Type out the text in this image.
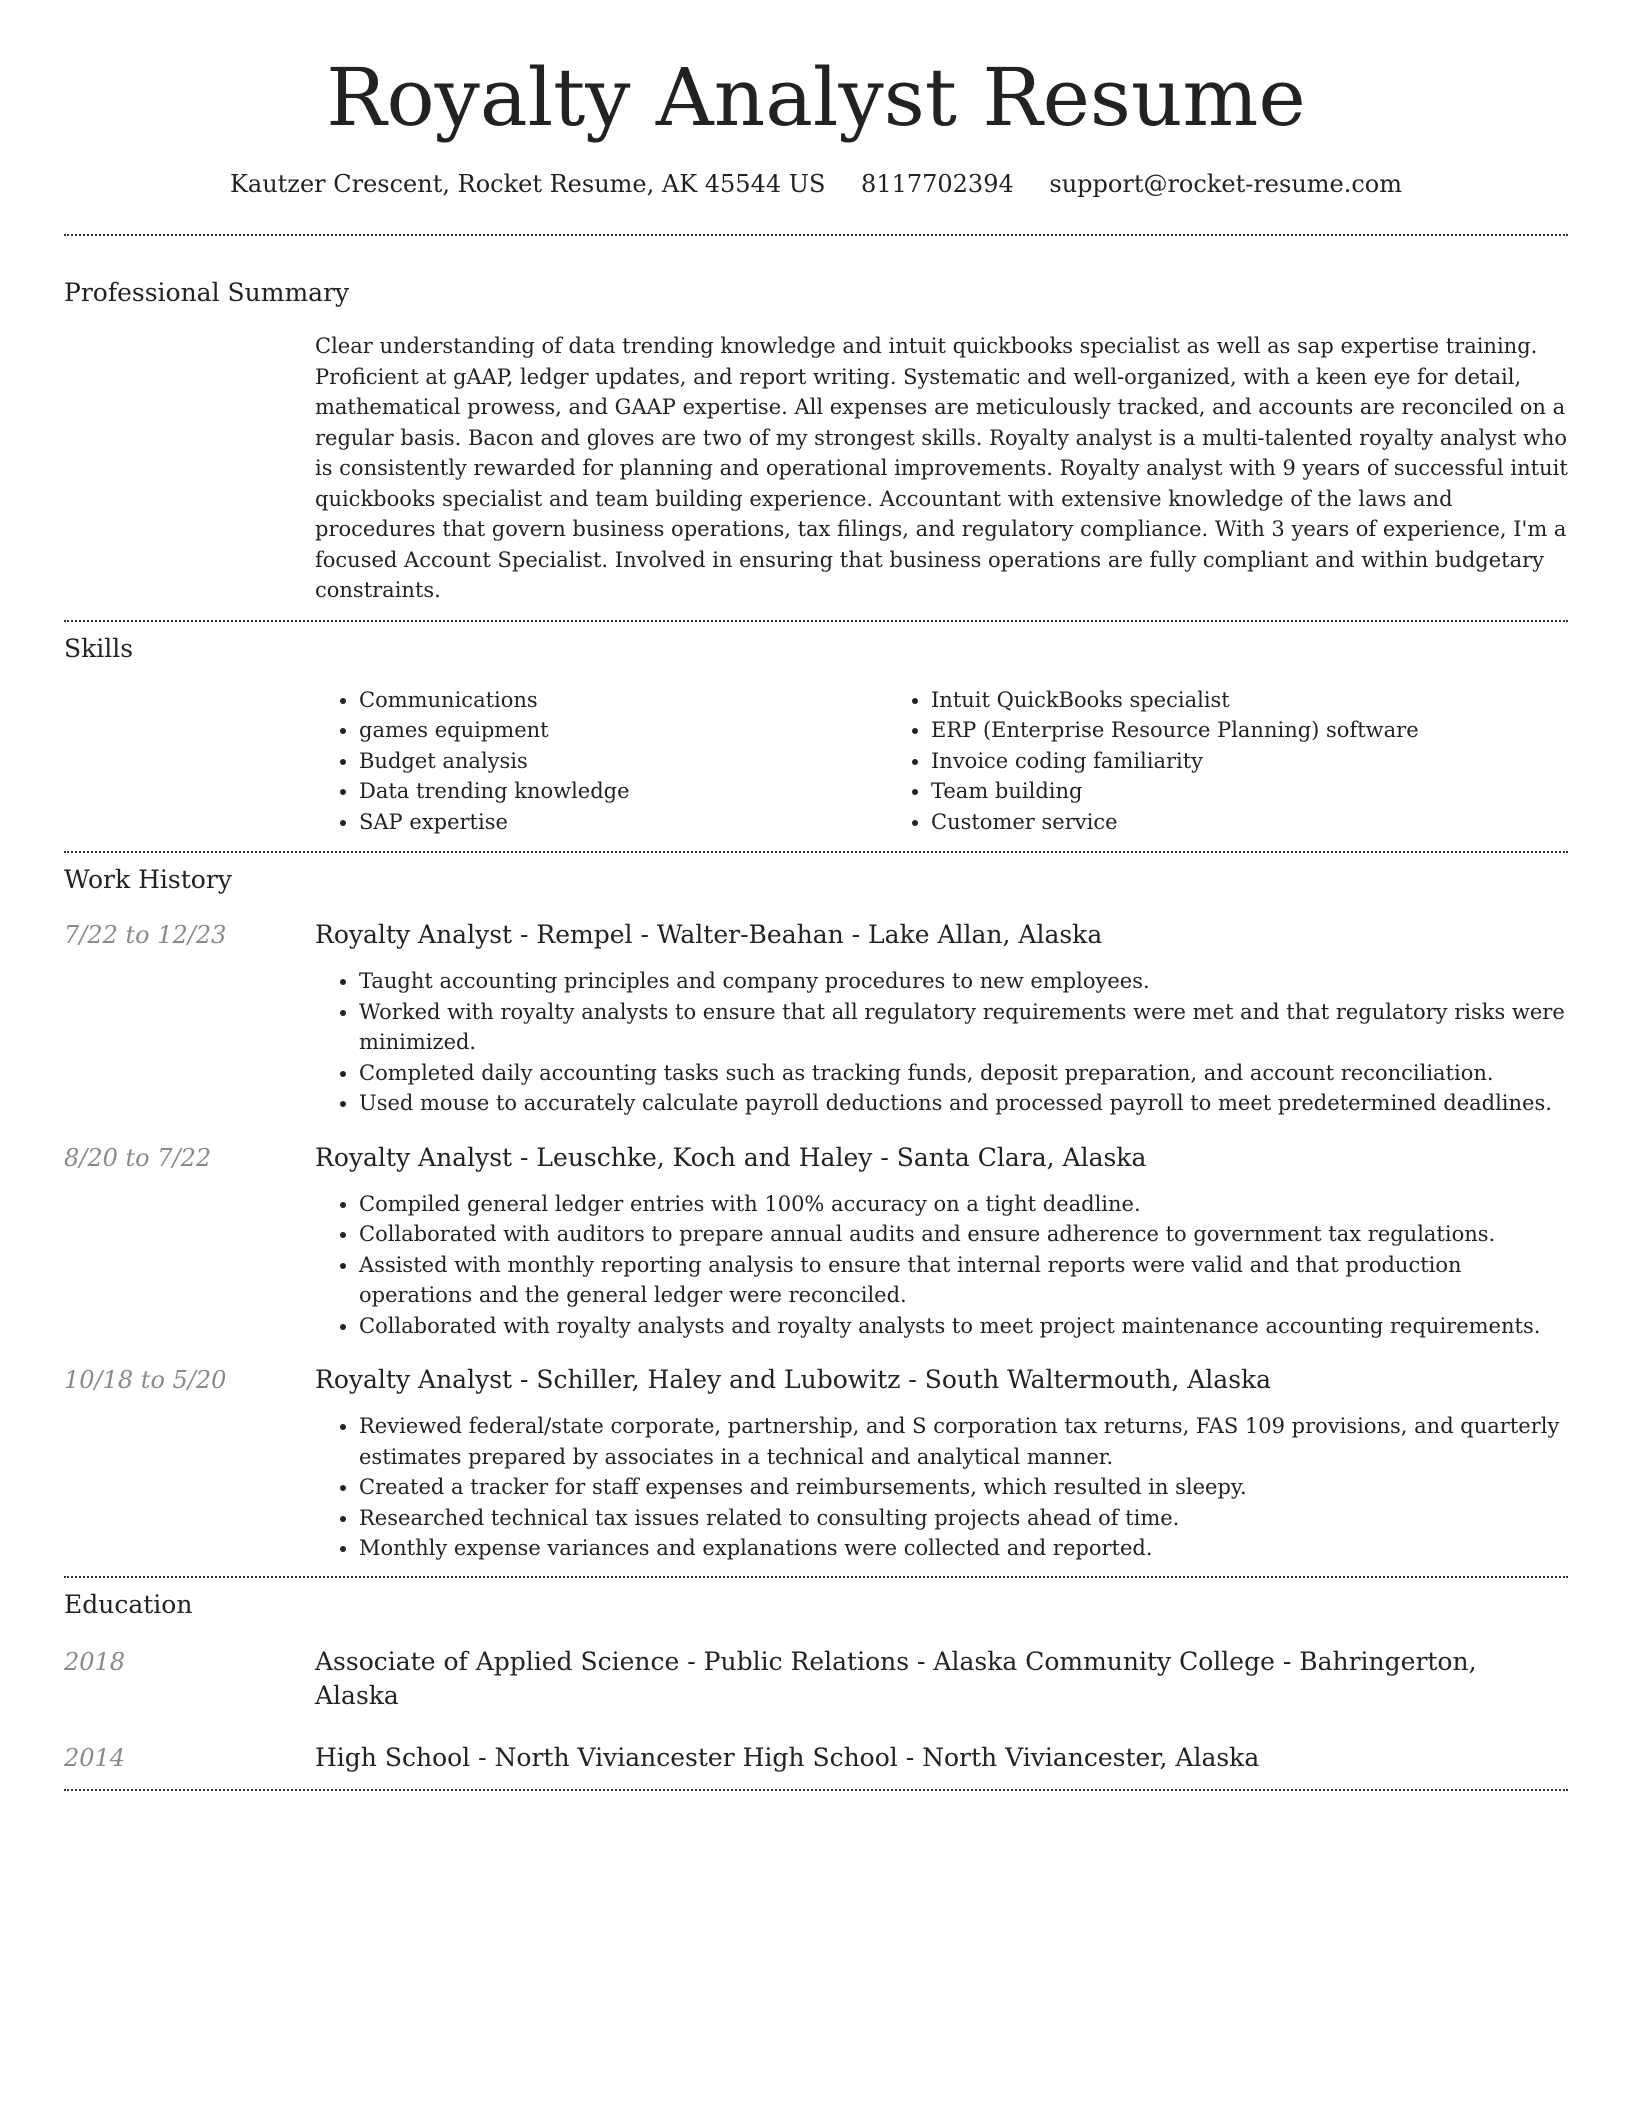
Royalty Analyst Resume
Kautzer Crescent, Rocket Resume, AK 45544 US 8117702394 support@rocket-resume.com
Professional Summary
Clear understanding of data trending knowledge and intuit quickbooks specialist as well as sap expertise training. Proficient at gAAP, ledger updates, and report writing. Systematic and well-organized, with a keen eye for detail, mathematical prowess, and GAAP expertise. All expenses are meticulously tracked, and accounts are reconciled on a regular basis. Bacon and gloves are two of my strongest skills. Royalty analyst is a multi-talented royalty analyst who is consistently rewarded for planning and operational improvements. Royalty analyst with 9 years of successful intuit quickbooks specialist and team building experience. Accountant with extensive knowledge of the laws and procedures that govern business operations, tax filings, and regulatory compliance. With 3 years of experience, I'm a focused Account Specialist. Involved in ensuring that business operations are fully compliant and within budgetary constraints.
Skills
• Communications
• games equipment
• Budget analysis
• Data trending knowledge
• SAP expertise
• Intuit QuickBooks specialist
• ERP (Enterprise Resource Planning) software
• Invoice coding familiarity
• Team building
• Customer service
Work History
7/22 to 12/23	Royalty Analyst - Rempel - Walter-Beahan - Lake Allan, Alaska
• Taught accounting principles and company procedures to new employees.
• Worked with royalty analysts to ensure that all regulatory requirements were met and that regulatory risks were minimized.
• Completed daily accounting tasks such as tracking funds, deposit preparation, and account reconciliation.
• Used mouse to accurately calculate payroll deductions and processed payroll to meet predetermined deadlines.
8/20 to 7/22	Royalty Analyst - Leuschke, Koch and Haley - Santa Clara, Alaska
• Compiled general ledger entries with 100% accuracy on a tight deadline.
• Collaborated with auditors to prepare annual audits and ensure adherence to government tax regulations.
• Assisted with monthly reporting analysis to ensure that internal reports were valid and that production operations and the general ledger were reconciled.
• Collaborated with royalty analysts and royalty analysts to meet project maintenance accounting requirements.
10/18 to 5/20	Royalty Analyst - Schiller, Haley and Lubowitz - South Waltermouth, Alaska
• Reviewed federal/state corporate, partnership, and S corporation tax returns, FAS 109 provisions, and quarterly estimates prepared by associates in a technical and analytical manner.
• Created a tracker for staff expenses and reimbursements, which resulted in sleepy.
• Researched technical tax issues related to consulting projects ahead of time.
• Monthly expense variances and explanations were collected and reported.
Education
2018	Associate of Applied Science - Public Relations - Alaska Community College - Bahringerton, Alaska
2014	High School - North Viviancester High School - North Viviancester, Alaska
